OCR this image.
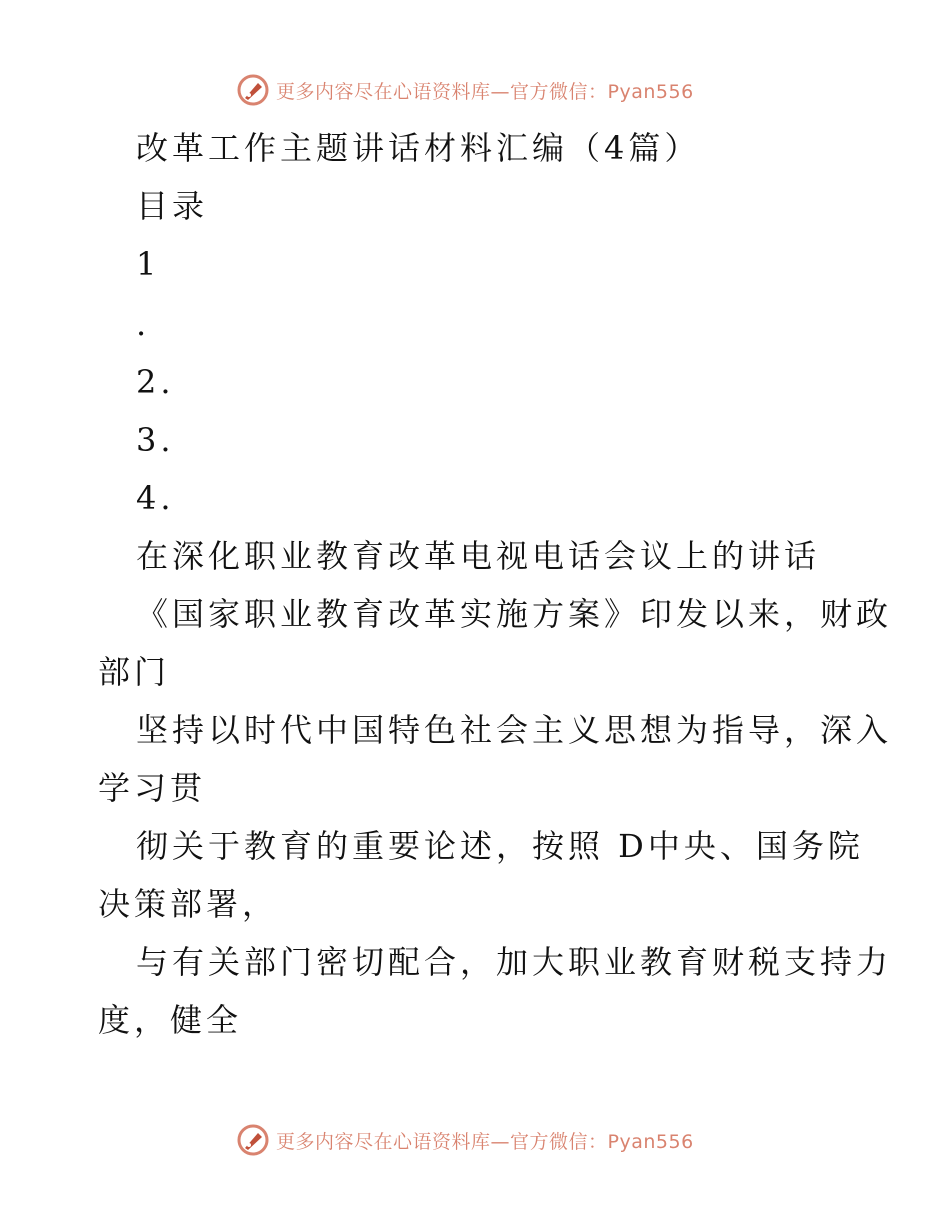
更多内容尽在心语资料库—官方微信：Pyan556
改革工作主题讲话材料汇编（4篇）
目录
1
.
2.
3.
4.
在深化职业教育改革电视电话会议上的讲话
《国家职业教育改革实施方案》印发以来，财政
部门
坚持以时代中国特色社会主义思想为指导，深入
学习贯
彻关于教育的重要论述，按照 D中央、国务院
决策部署，
与有关部门密切配合，加大职业教育财税支持力
度，健全
更多内容尽在心语资料库—官方微信：Pyan556
